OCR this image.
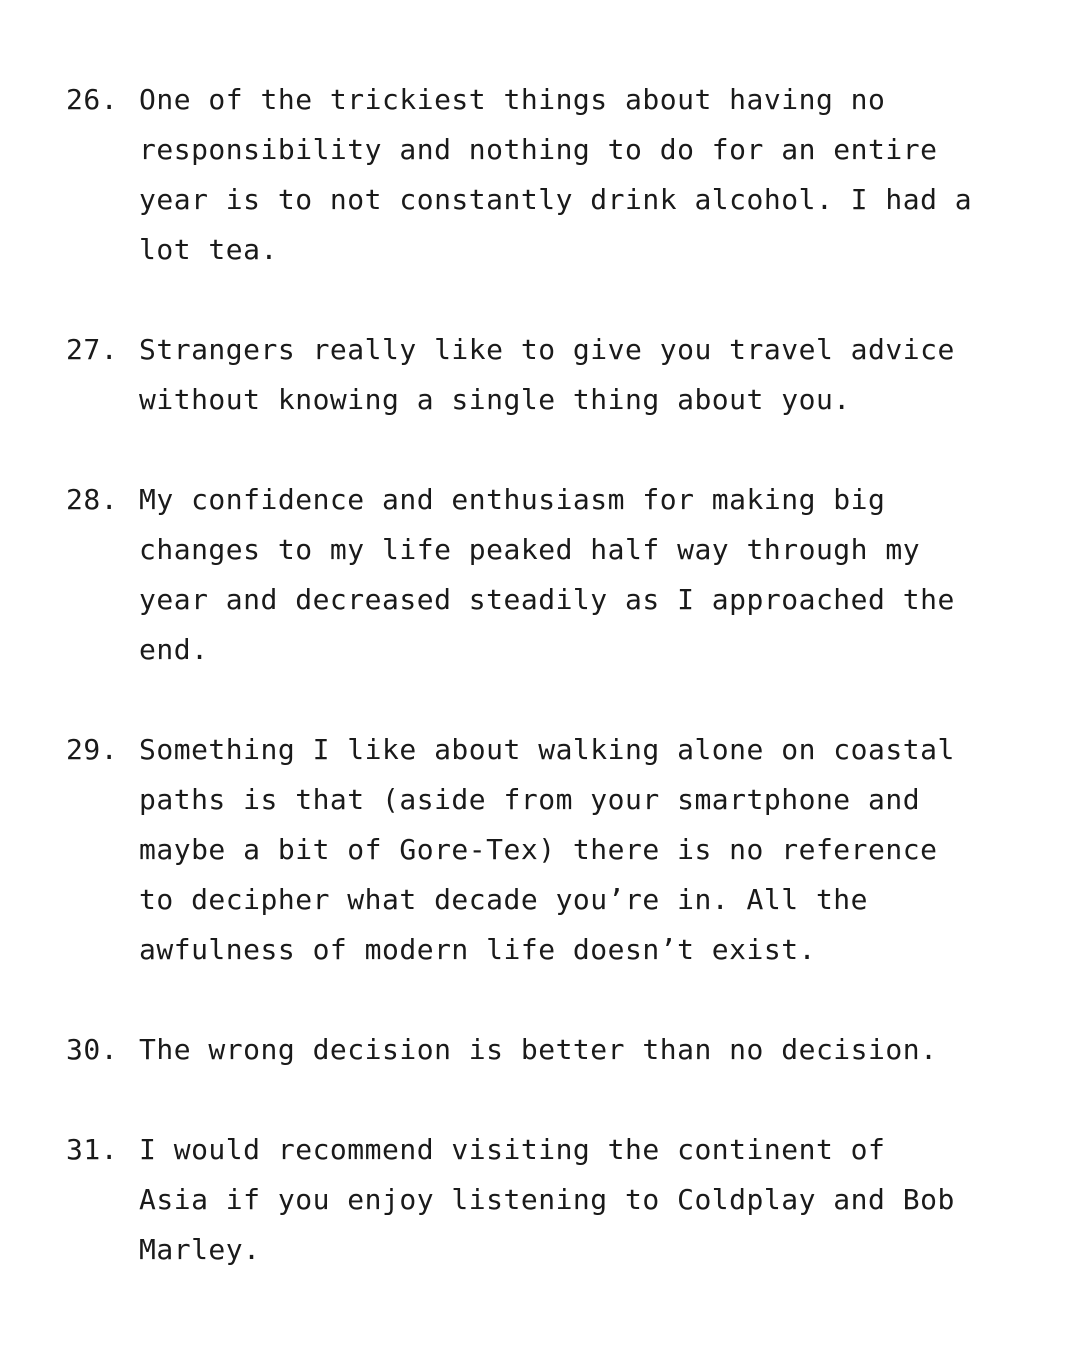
26. One of the trickiest things about having no
responsibility and nothing to do for an entire
year is to not constantly drink alcohol. I had a
lot tea.
27. Strangers really like to give you travel advice
without knowing a single thing about you.
28. My confidence and enthusiasm for making big
changes to my life peaked half way through my
year and decreased steadily as I approached the
end.
29. Something I like about walking alone on coastal
paths is that (aside from your smartphone and
maybe a bit of Gore-Tex) there is no reference
to decipher what decade you’re in. All the
awfulness of modern life doesn’t exist.
30. The wrong decision is better than no decision.
31. I would recommend visiting the continent of
Asia if you enjoy listening to Coldplay and Bob
Marley.
